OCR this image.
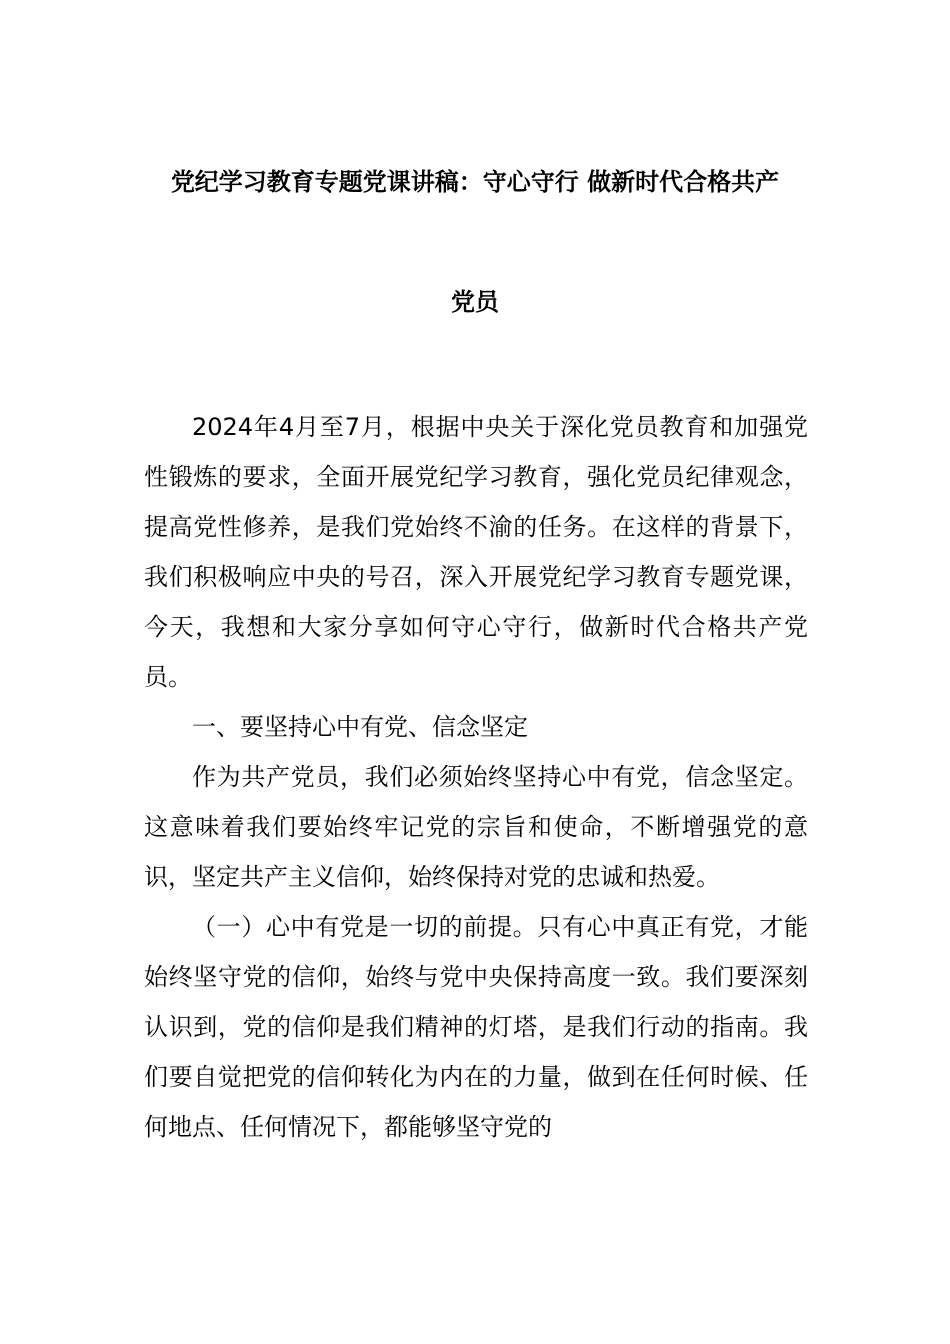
党纪学习教育专题党课讲稿：守心守行 做新时代合格共产
党员

2024年4月至7月，根据中央关于深化党员教育和加强党性锻炼的要求，全面开展党纪学习教育，强化党员纪律观念，提高党性修养，是我们党始终不渝的任务。在这样的背景下，我们积极响应中央的号召，深入开展党纪学习教育专题党课，今天，我想和大家分享如何守心守行，做新时代合格共产党员。

一、要坚持心中有党、信念坚定

作为共产党员，我们必须始终坚持心中有党，信念坚定。这意味着我们要始终牢记党的宗旨和使命，不断增强党的意识，坚定共产主义信仰，始终保持对党的忠诚和热爱。

（一）心中有党是一切的前提。只有心中真正有党，才能始终坚守党的信仰，始终与党中央保持高度一致。我们要深刻认识到，党的信仰是我们精神的灯塔，是我们行动的指南。我们要自觉把党的信仰转化为内在的力量，做到在任何时候、任何地点、任何情况下，都能够坚守党的
